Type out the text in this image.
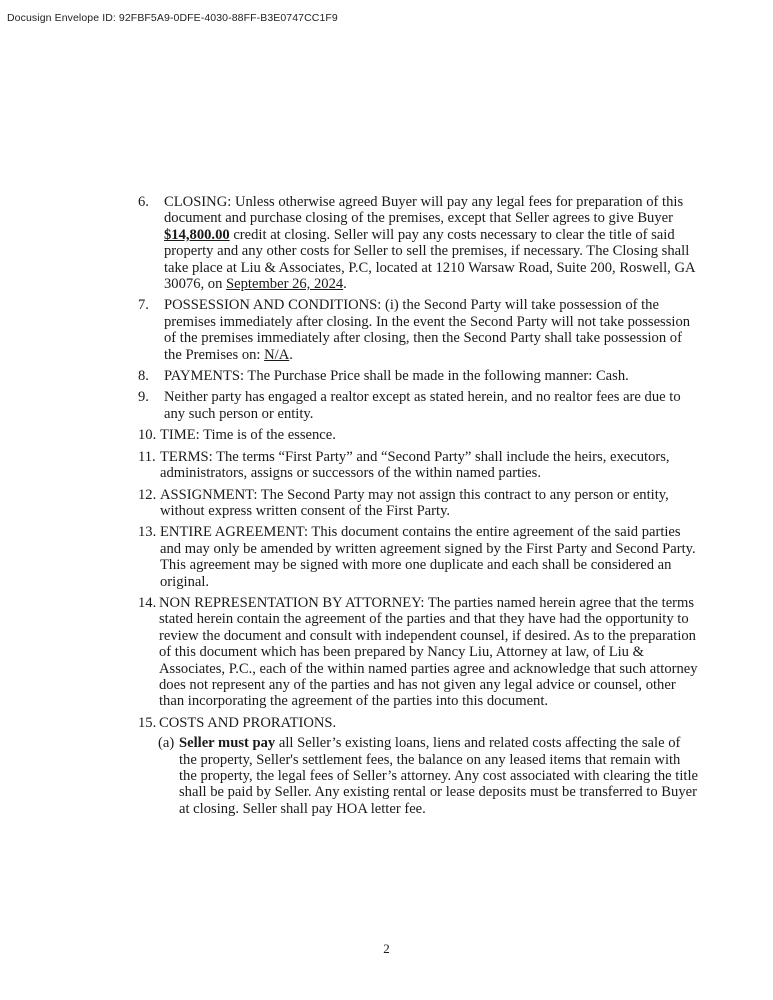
Docusign Envelope ID: 92FBF5A9-0DFE-4030-88FF-B3E0747CC1F9
6. CLOSING: Unless otherwise agreed Buyer will pay any legal fees for preparation of this document and purchase closing of the premises, except that Seller agrees to give Buyer $14,800.00 credit at closing. Seller will pay any costs necessary to clear the title of said property and any other costs for Seller to sell the premises, if necessary. The Closing shall take place at Liu & Associates, P.C, located at 1210 Warsaw Road, Suite 200, Roswell, GA 30076, on September 26, 2024.
7. POSSESSION AND CONDITIONS: (i) the Second Party will take possession of the premises immediately after closing. In the event the Second Party will not take possession of the premises immediately after closing, then the Second Party shall take possession of the Premises on: N/A.
8. PAYMENTS: The Purchase Price shall be made in the following manner: Cash.
9. Neither party has engaged a realtor except as stated herein, and no realtor fees are due to any such person or entity.
10. TIME: Time is of the essence.
11. TERMS: The terms “First Party” and “Second Party” shall include the heirs, executors, administrators, assigns or successors of the within named parties.
12. ASSIGNMENT: The Second Party may not assign this contract to any person or entity, without express written consent of the First Party.
13. ENTIRE AGREEMENT: This document contains the entire agreement of the said parties and may only be amended by written agreement signed by the First Party and Second Party. This agreement may be signed with more one duplicate and each shall be considered an original.
14. NON REPRESENTATION BY ATTORNEY: The parties named herein agree that the terms stated herein contain the agreement of the parties and that they have had the opportunity to review the document and consult with independent counsel, if desired. As to the preparation of this document which has been prepared by Nancy Liu, Attorney at law, of Liu & Associates, P.C., each of the within named parties agree and acknowledge that such attorney does not represent any of the parties and has not given any legal advice or counsel, other than incorporating the agreement of the parties into this document.
15. COSTS AND PRORATIONS.
(a) Seller must pay all Seller’s existing loans, liens and related costs affecting the sale of the property, Seller's settlement fees, the balance on any leased items that remain with the property, the legal fees of Seller’s attorney. Any cost associated with clearing the title shall be paid by Seller. Any existing rental or lease deposits must be transferred to Buyer at closing. Seller shall pay HOA letter fee.
2
